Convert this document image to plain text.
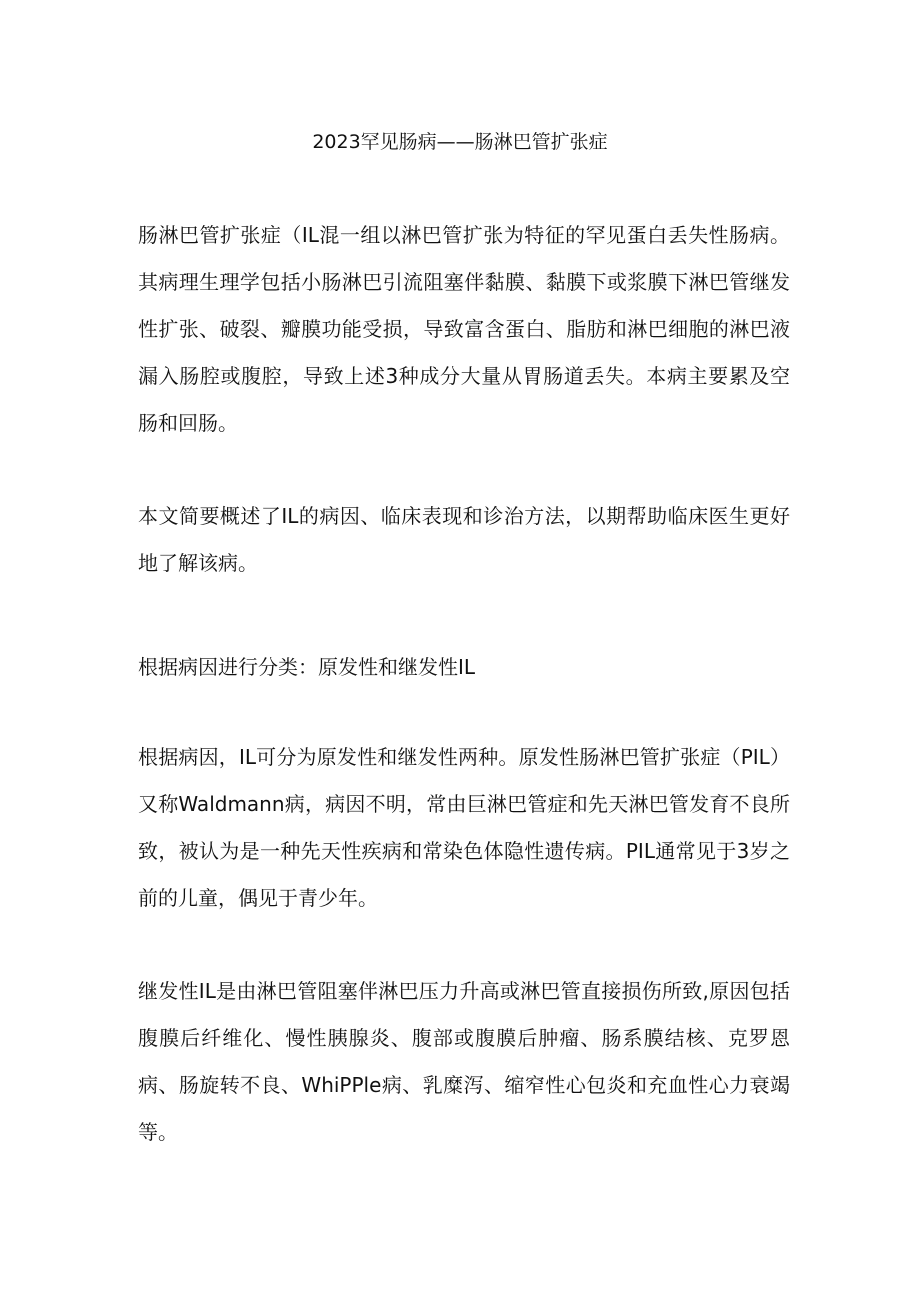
2023罕见肠病——肠淋巴管扩张症

肠淋巴管扩张症（IL混一组以淋巴管扩张为特征的罕见蛋白丢失性肠病。其病理生理学包括小肠淋巴引流阻塞伴黏膜、黏膜下或浆膜下淋巴管继发性扩张、破裂、瓣膜功能受损，导致富含蛋白、脂肪和淋巴细胞的淋巴液漏入肠腔或腹腔，导致上述3种成分大量从胃肠道丢失。本病主要累及空肠和回肠。

本文简要概述了IL的病因、临床表现和诊治方法，以期帮助临床医生更好地了解该病。

根据病因进行分类：原发性和继发性IL

根据病因，IL可分为原发性和继发性两种。原发性肠淋巴管扩张症（PIL）又称Waldmann病，病因不明，常由巨淋巴管症和先天淋巴管发育不良所致，被认为是一种先天性疾病和常染色体隐性遗传病。PIL通常见于3岁之前的儿童，偶见于青少年。

继发性IL是由淋巴管阻塞伴淋巴压力升高或淋巴管直接损伤所致,原因包括腹膜后纤维化、慢性胰腺炎、腹部或腹膜后肿瘤、肠系膜结核、克罗恩病、肠旋转不良、WhiPPle病、乳糜泻、缩窄性心包炎和充血性心力衰竭等。
